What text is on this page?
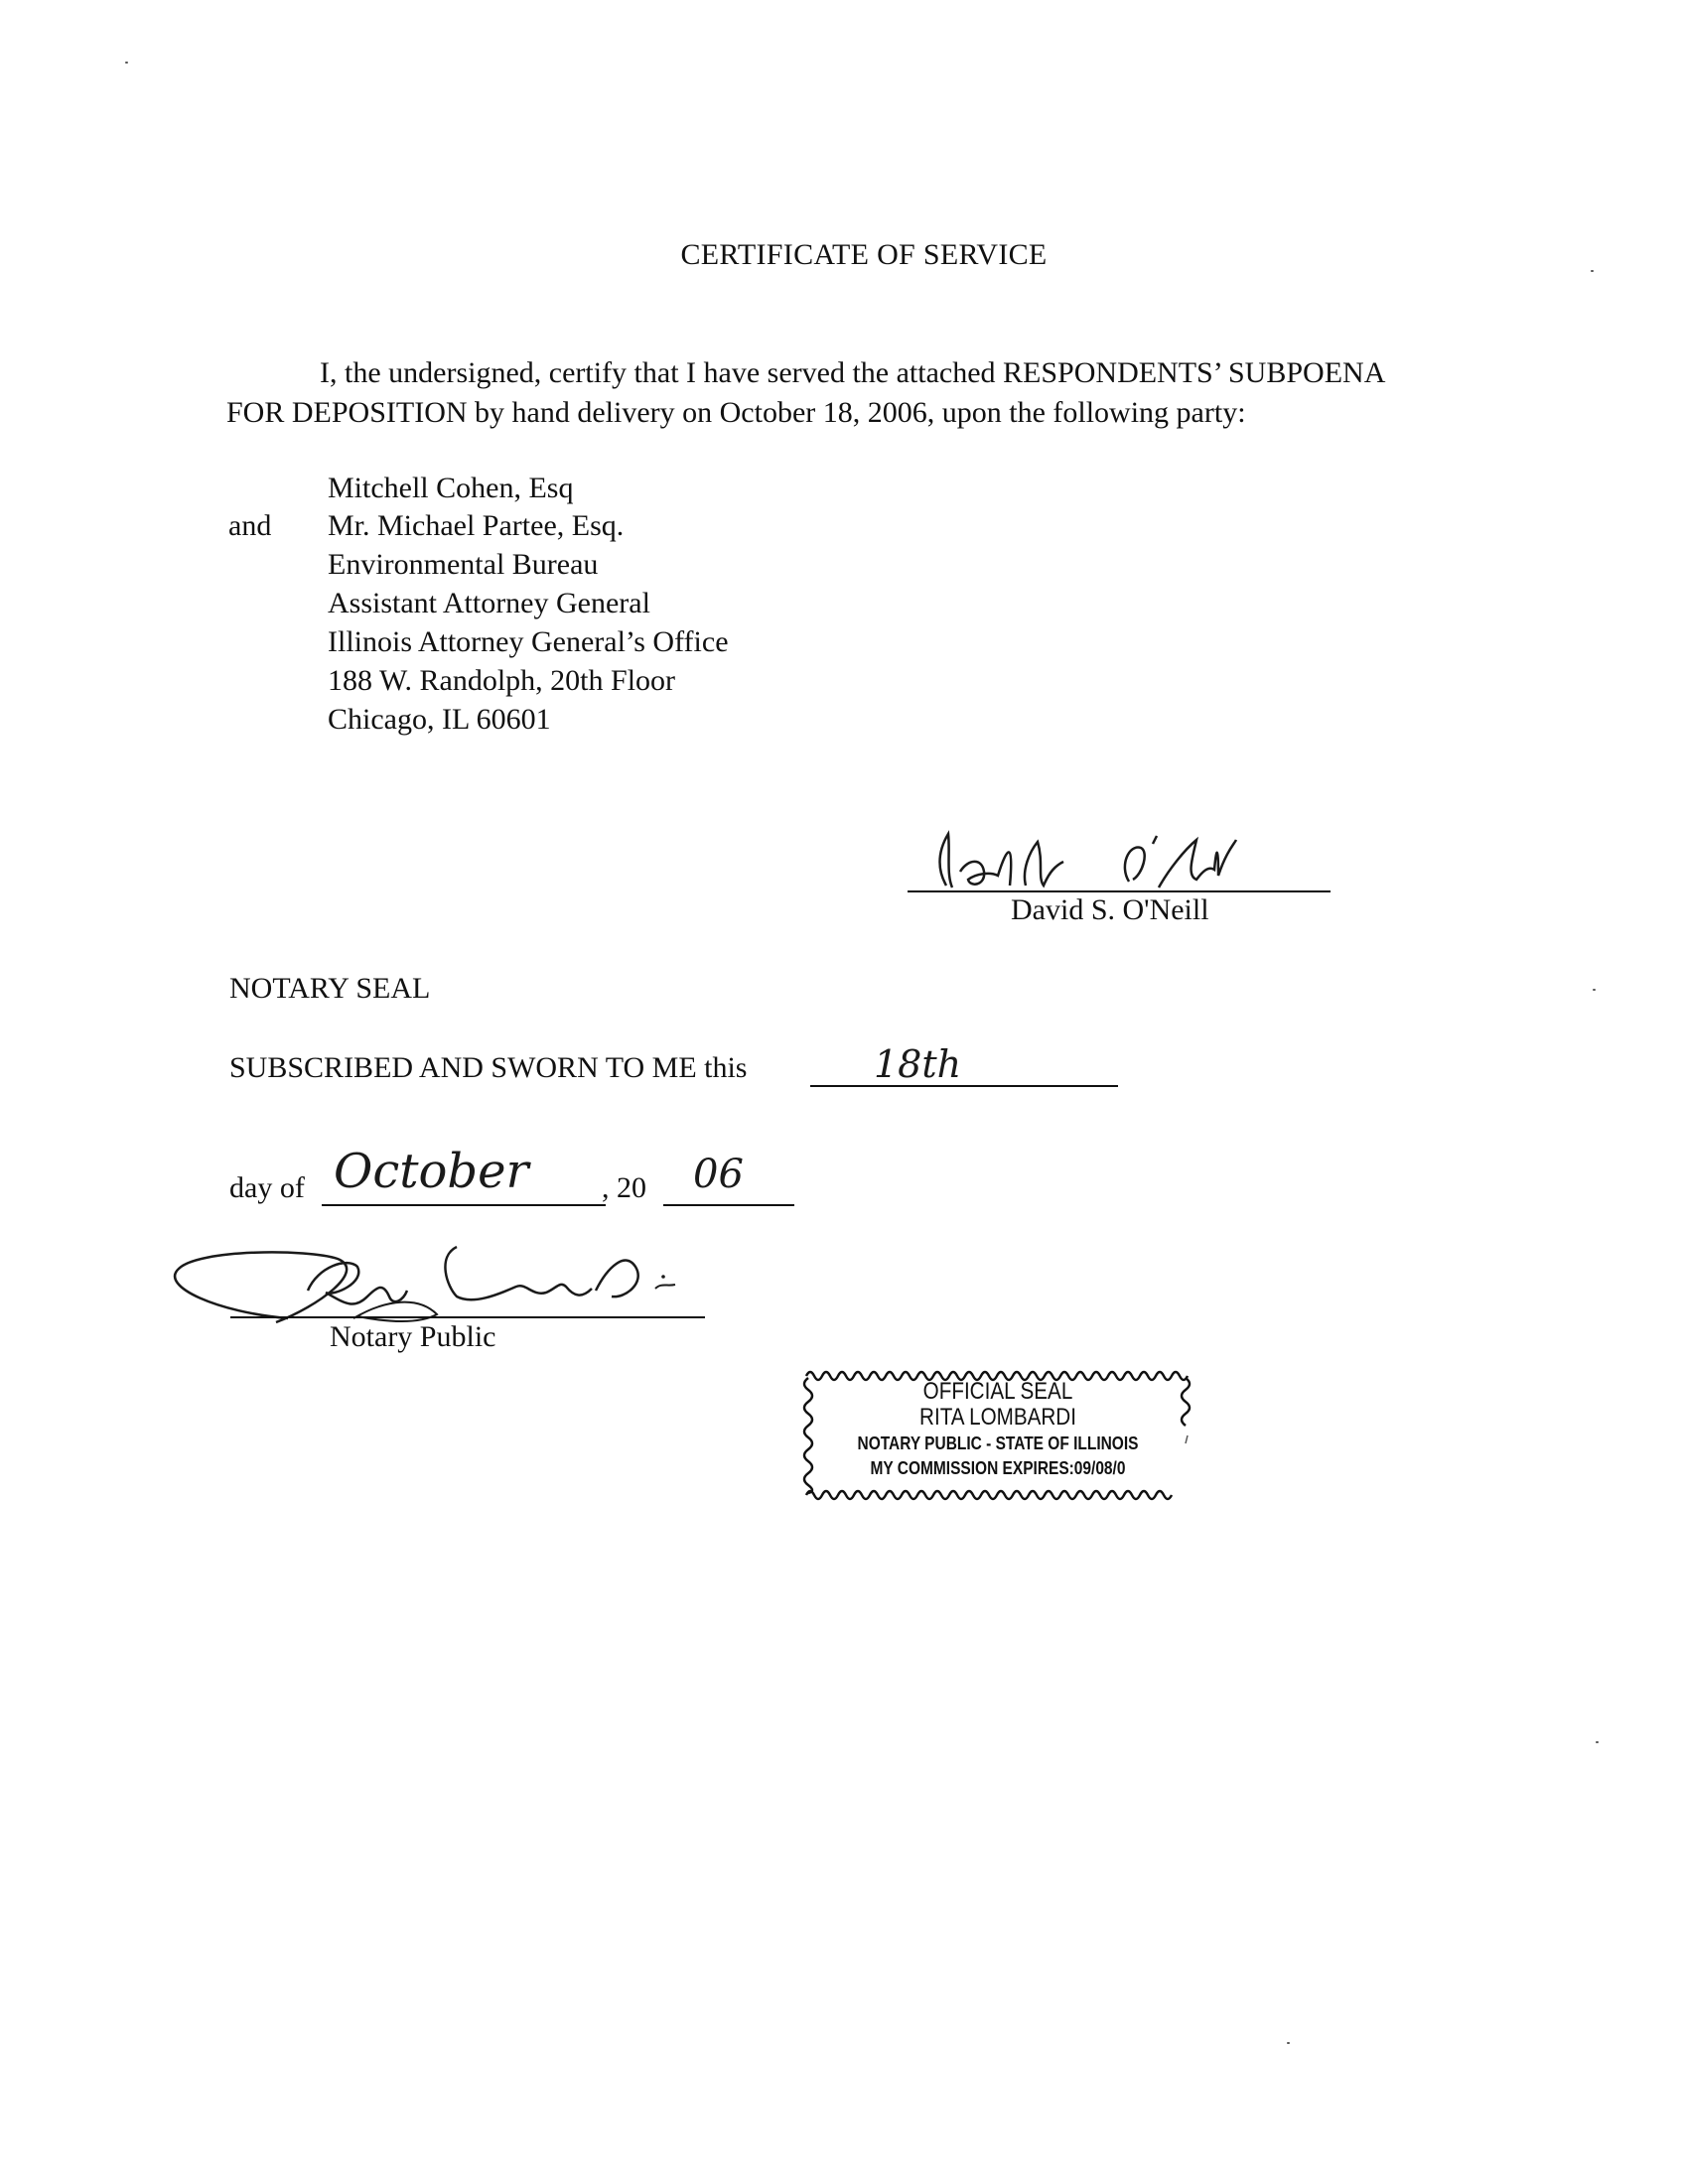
CERTIFICATE OF SERVICE
I, the undersigned, certify that I have served the attached RESPONDENTS’ SUBPOENA
FOR DEPOSITION by hand delivery on October 18, 2006, upon the following party:
and
Mitchell Cohen, Esq
Mr. Michael Partee, Esq.
Environmental Bureau
Assistant Attorney General
Illinois Attorney General’s Office
188 W. Randolph, 20th Floor
Chicago, IL 60601
David S. O'Neill
NOTARY SEAL
SUBSCRIBED AND SWORN TO ME this	18th
day of October , 20 06
Notary Public
OFFICIAL SEAL
RITA LOMBARDI
NOTARY PUBLIC - STATE OF ILLINOIS
MY COMMISSION EXPIRES:09/08/0
